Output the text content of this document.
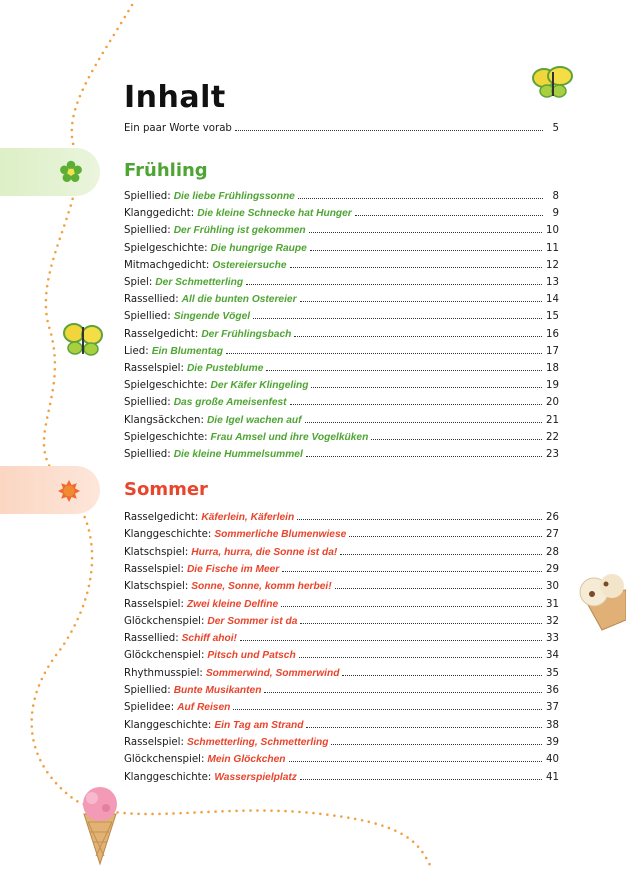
Inhalt
Ein paar Worte vorab	5
Frühling
Spiellied: Die liebe Frühlingssonne	8
Klanggedicht: Die kleine Schnecke hat Hunger	9
Spiellied: Der Frühling ist gekommen	10
Spielgeschichte: Die hungrige Raupe	11
Mitmachgedicht: Ostereiersuche	12
Spiel: Der Schmetterling	13
Rassellied: All die bunten Ostereier	14
Spiellied: Singende Vögel	15
Rasselgedicht: Der Frühlingsbach	16
Lied: Ein Blumentag	17
Rasselspiel: Die Pusteblume	18
Spielgeschichte: Der Käfer Klingeling	19
Spiellied: Das große Ameisenfest	20
Klangsäckchen: Die Igel wachen auf	21
Spielgeschichte: Frau Amsel und ihre Vogelküken	22
Spiellied: Die kleine Hummelsummel	23
Sommer
Rasselgedicht: Käferlein, Käferlein	26
Klanggeschichte: Sommerliche Blumenwiese	27
Klatschspiel: Hurra, hurra, die Sonne ist da!	28
Rasselspiel: Die Fische im Meer	29
Klatschspiel: Sonne, Sonne, komm herbei!	30
Rasselspiel: Zwei kleine Delfine	31
Glöckchenspiel: Der Sommer ist da	32
Rassellied: Schiff ahoi!	33
Glöckchenspiel: Pitsch und Patsch	34
Rhythmusspiel: Sommerwind, Sommerwind	35
Spiellied: Bunte Musikanten	36
Spielidee: Auf Reisen	37
Klanggeschichte: Ein Tag am Strand	38
Rasselspiel: Schmetterling, Schmetterling	39
Glöckchenspiel: Mein Glöckchen	40
Klanggeschichte: Wasserspielplatz	41
